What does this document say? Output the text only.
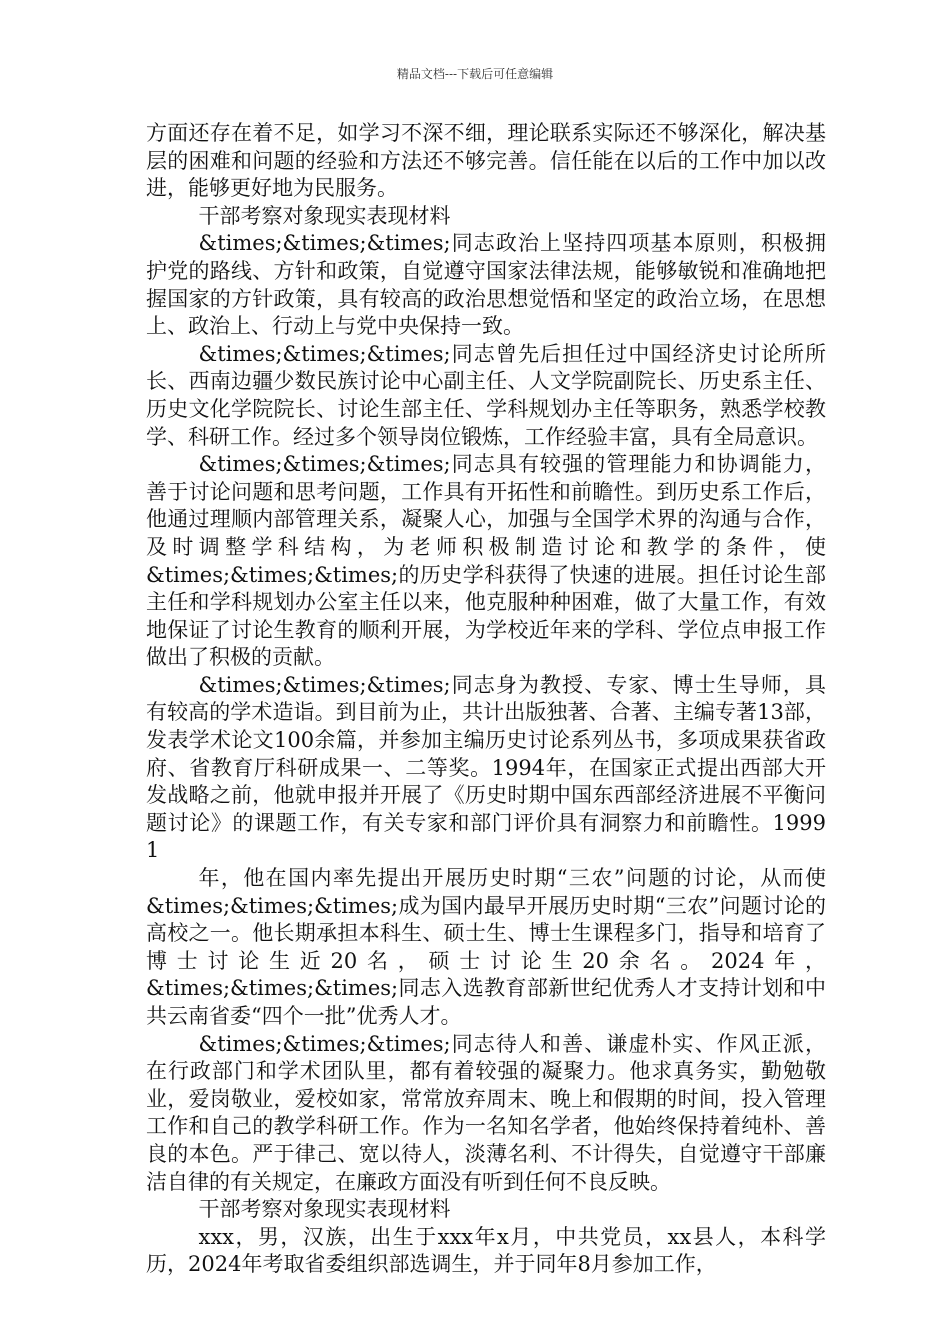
精品文档---下载后可任意编辑

方面还存在着不足，如学习不深不细，理论联系实际还不够深化，解决基层的困难和问题的经验和方法还不够完善。信任能在以后的工作中加以改进，能够更好地为民服务。

干部考察对象现实表现材料

&times;&times;&times;同志政治上坚持四项基本原则，积极拥护党的路线、方针和政策，自觉遵守国家法律法规，能够敏锐和准确地把握国家的方针政策，具有较高的政治思想觉悟和坚定的政治立场，在思想上、政治上、行动上与党中央保持一致。

&times;&times;&times;同志曾先后担任过中国经济史讨论所所长、西南边疆少数民族讨论中心副主任、人文学院副院长、历史系主任、历史文化学院院长、讨论生部主任、学科规划办主任等职务，熟悉学校教学、科研工作。经过多个领导岗位锻炼，工作经验丰富，具有全局意识。

&times;&times;&times;同志具有较强的管理能力和协调能力，善于讨论问题和思考问题，工作具有开拓性和前瞻性。到历史系工作后，他通过理顺内部管理关系，凝聚人心，加强与全国学术界的沟通与合作，及时调整学科结构，为老师积极制造讨论和教学的条件，使&times;&times;&times;的历史学科获得了快速的进展。担任讨论生部主任和学科规划办公室主任以来，他克服种种困难，做了大量工作，有效地保证了讨论生教育的顺利开展，为学校近年来的学科、学位点申报工作做出了积极的贡献。

&times;&times;&times;同志身为教授、专家、博士生导师，具有较高的学术造诣。到目前为止，共计出版独著、合著、主编专著13部，发表学术论文100余篇，并参加主编历史讨论系列丛书，多项成果获省政府、省教育厅科研成果一、二等奖。1994年，在国家正式提出西部大开发战略之前，他就申报并开展了《历史时期中国东西部经济进展不平衡问题讨论》的课题工作，有关专家和部门评价具有洞察力和前瞻性。1999 1

年，他在国内率先提出开展历史时期“三农”问题的讨论，从而使&times;&times;&times;成为国内最早开展历史时期“三农”问题讨论的高校之一。他长期承担本科生、硕士生、博士生课程多门，指导和培育了博士讨论生近20名，硕士讨论生20余名。2024年，&times;&times;&times;同志入选教育部新世纪优秀人才支持计划和中共云南省委“四个一批”优秀人才。

&times;&times;&times;同志待人和善、谦虚朴实、作风正派，在行政部门和学术团队里，都有着较强的凝聚力。他求真务实，勤勉敬业，爱岗敬业，爱校如家，常常放弃周末、晚上和假期的时间，投入管理工作和自己的教学科研工作。作为一名知名学者，他始终保持着纯朴、善良的本色。严于律己、宽以待人，淡薄名利、不计得失，自觉遵守干部廉洁自律的有关规定，在廉政方面没有听到任何不良反映。

干部考察对象现实表现材料

xxx，男，汉族，出生于xxx年x月，中共党员，xx县人，本科学历，2024年考取省委组织部选调生，并于同年8月参加工作，
